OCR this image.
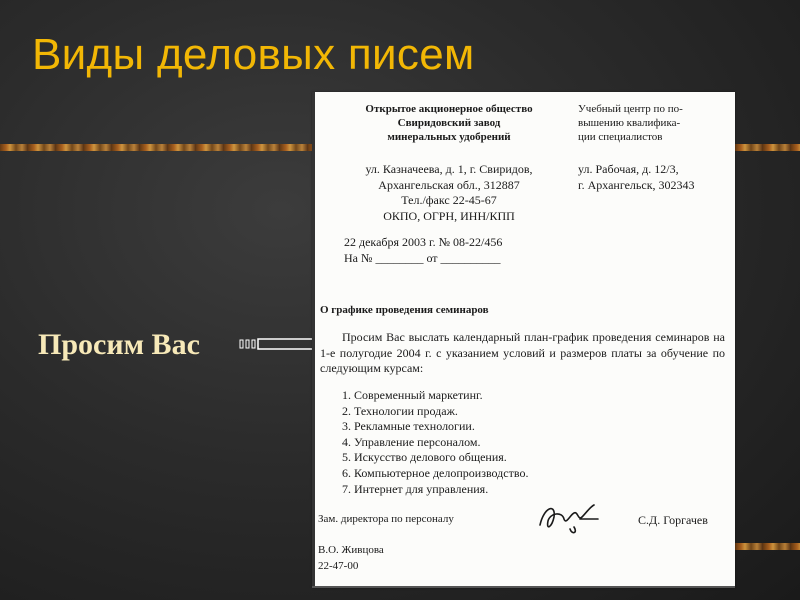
Виды деловых писем
Просим Вас
Открытое акционерное общество
Свиридовский завод
минеральных удобрений
Учебный центр по по-
вышению квалифика-
ции специалистов
ул. Казначеева, д. 1, г. Свиридов,
Архангельская обл., 312887
Тел./факс 22-45-67
ОКПО, ОГРН, ИНН/КПП
ул. Рабочая, д. 12/3,
г. Архангельск, 302343
22 декабря 2003 г. № 08-22/456
На № ________ от __________
О графике проведения семинаров

Просим Вас выслать календарный план-график проведения семинаров на 1-е полугодие 2004 г. с указанием условий и размеров платы за обучение по следующим курсам:

1. Современный маркетинг.
2. Технологии продаж.
3. Рекламные технологии.
4. Управление персоналом.
5. Искусство делового общения.
6. Компьютерное делопроизводство.
7. Интернет для управления.
Зам. директора по персоналу	С.Д. Горгачев
В.О. Живцова
22-47-00
